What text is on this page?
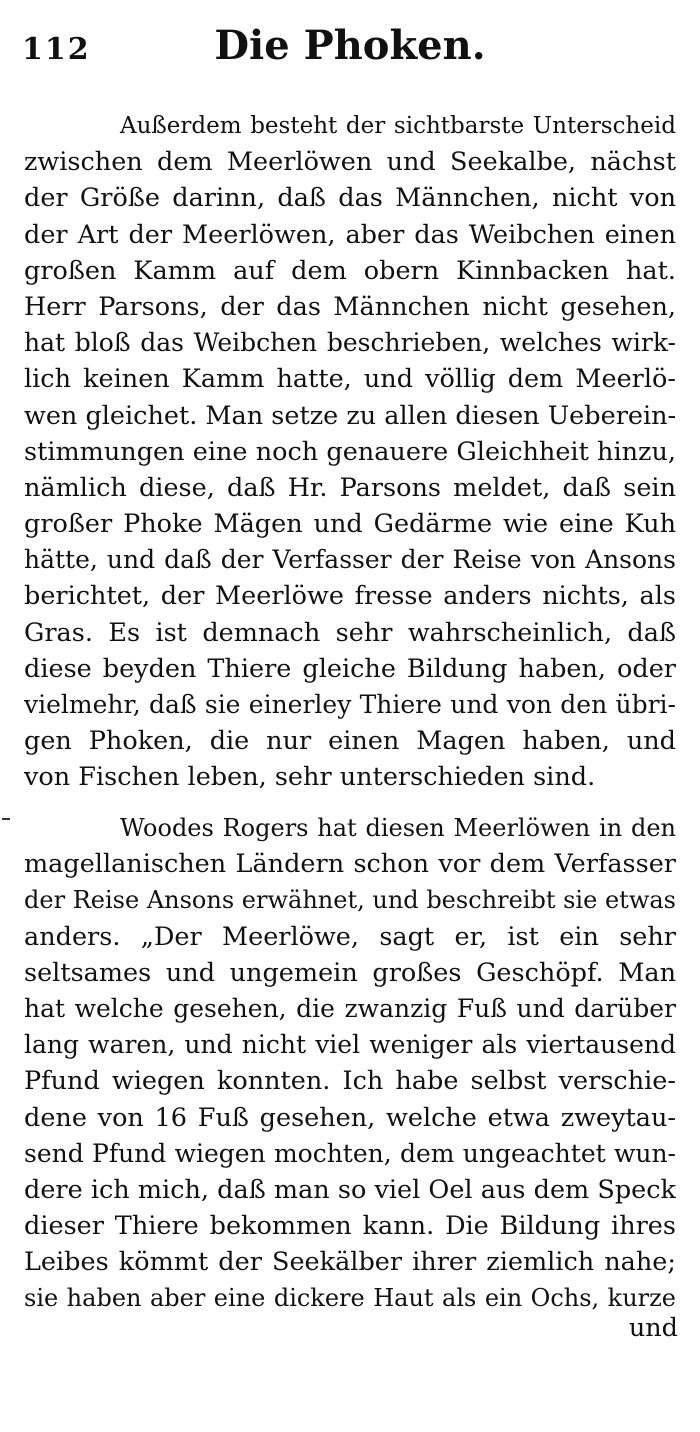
112	Die Phoken.
Außerdem besteht der sichtbarste Unterscheid
zwischen dem Meerlöwen und Seekalbe, nächst
der Größe darinn, daß das Männchen, nicht von
der Art der Meerlöwen, aber das Weibchen einen
großen Kamm auf dem obern Kinnbacken hat.
Herr Parsons, der das Männchen nicht gesehen,
hat bloß das Weibchen beschrieben, welches wirk-
lich keinen Kamm hatte, und völlig dem Meerlö-
wen gleichet. Man setze zu allen diesen Ueberein-
stimmungen eine noch genauere Gleichheit hinzu,
nämlich diese, daß Hr. Parsons meldet, daß sein
großer Phoke Mägen und Gedärme wie eine Kuh
hätte, und daß der Verfasser der Reise von Ansons
berichtet, der Meerlöwe fresse anders nichts, als
Gras. Es ist demnach sehr wahrscheinlich, daß
diese beyden Thiere gleiche Bildung haben, oder
vielmehr, daß sie einerley Thiere und von den übri-
gen Phoken, die nur einen Magen haben, und
von Fischen leben, sehr unterschieden sind.
Woodes Rogers hat diesen Meerlöwen in den
magellanischen Ländern schon vor dem Verfasser
der Reise Ansons erwähnet, und beschreibt sie etwas
anders. „Der Meerlöwe, sagt er, ist ein sehr
seltsames und ungemein großes Geschöpf. Man
hat welche gesehen, die zwanzig Fuß und darüber
lang waren, und nicht viel weniger als viertausend
Pfund wiegen konnten. Ich habe selbst verschie-
dene von 16 Fuß gesehen, welche etwa zweytau-
send Pfund wiegen mochten, dem ungeachtet wun-
dere ich mich, daß man so viel Oel aus dem Speck
dieser Thiere bekommen kann. Die Bildung ihres
Leibes kömmt der Seekälber ihrer ziemlich nahe;
sie haben aber eine dickere Haut als ein Ochs, kurze
und
